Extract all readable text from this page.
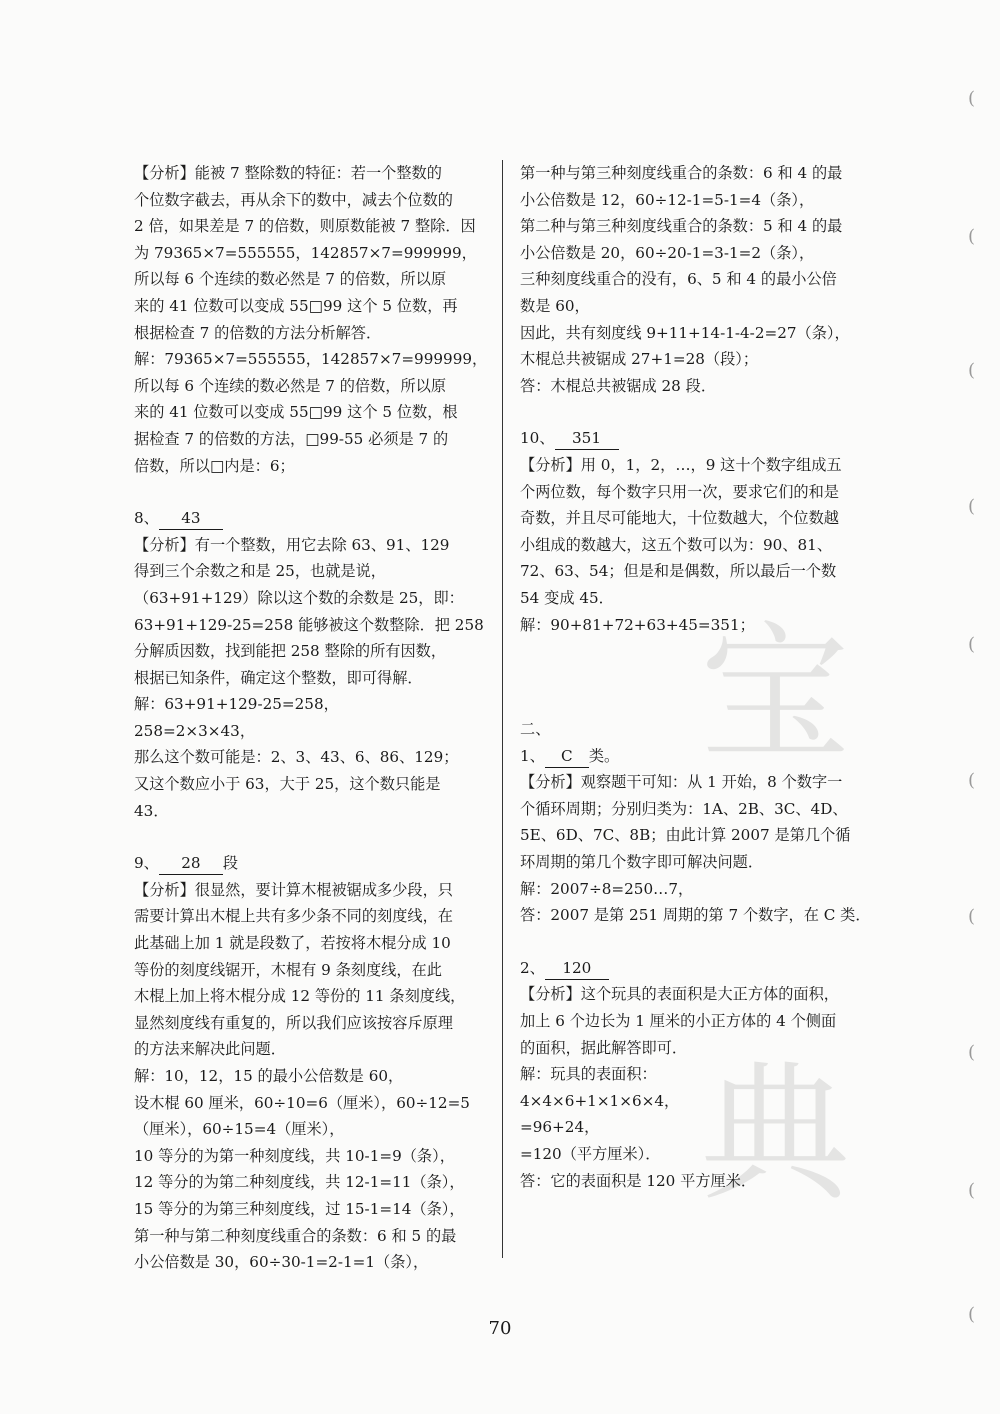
宝
典
【分析】能被 7 整除数的特征：若一个整数的
个位数字截去，再从余下的数中，减去个位数的
2 倍，如果差是 7 的倍数，则原数能被 7 整除．因
为 79365×7=555555，142857×7=999999，
所以每 6 个连续的数必然是 7 的倍数，所以原
来的 41 位数可以变成 55□99 这个 5 位数，再
根据检查 7 的倍数的方法分析解答．
解：79365×7=555555，142857×7=999999，
所以每 6 个连续的数必然是 7 的倍数，所以原
来的 41 位数可以变成 55□99 这个 5 位数，根
据检查 7 的倍数的方法，□99-55 必须是 7 的
倍数，所以□内是：6；
8、 43
【分析】有一个整数，用它去除 63、91、129
得到三个余数之和是 25，也就是说，
（63+91+129）除以这个数的余数是 25，即：
63+91+129-25=258 能够被这个数整除．把 258
分解质因数，找到能把 258 整除的所有因数，
根据已知条件，确定这个整数，即可得解．
解：63+91+129-25=258，
258=2×3×43，
那么这个数可能是：2、3、43、6、86、129；
又这个数应小于 63，大于 25，这个数只能是
43．
9、 28 段
【分析】很显然，要计算木棍被锯成多少段，只
需要计算出木棍上共有多少条不同的刻度线，在
此基础上加 1 就是段数了，若按将木棍分成 10
等份的刻度线锯开，木棍有 9 条刻度线，在此
木棍上加上将木棍分成 12 等份的 11 条刻度线，
显然刻度线有重复的，所以我们应该按容斥原理
的方法来解决此问题．
解：10，12，15 的最小公倍数是 60，
设木棍 60 厘米，60÷10=6（厘米），60÷12=5
（厘米），60÷15=4（厘米），
10 等分的为第一种刻度线，共 10-1=9（条），
12 等分的为第二种刻度线，共 12-1=11（条），
15 等分的为第三种刻度线，过 15-1=14（条），
第一种与第二种刻度线重合的条数：6 和 5 的最
小公倍数是 30，60÷30-1=2-1=1（条），
第一种与第三种刻度线重合的条数：6 和 4 的最
小公倍数是 12，60÷12-1=5-1=4（条），
第二种与第三种刻度线重合的条数：5 和 4 的最
小公倍数是 20，60÷20-1=3-1=2（条），
三种刻度线重合的没有，6、5 和 4 的最小公倍
数是 60，
因此，共有刻度线 9+11+14-1-4-2=27（条），
木棍总共被锯成 27+1=28（段）；
答：木棍总共被锯成 28 段．
10、 351
【分析】用 0，1，2，…，9 这十个数字组成五
个两位数，每个数字只用一次，要求它们的和是
奇数，并且尽可能地大，十位数越大，个位数越
小组成的数越大，这五个数可以为：90、81、
72、63、54；但是和是偶数，所以最后一个数
54 变成 45．
解：90+81+72+63+45=351；
二、
1、 C 类。
【分析】观察题干可知：从 1 开始，8 个数字一
个循环周期；分别归类为：1A、2B、3C、4D、
5E、6D、7C、8B；由此计算 2007 是第几个循
环周期的第几个数字即可解决问题．
解：2007÷8=250…7，
答：2007 是第 251 周期的第 7 个数字，在 C 类．
2、 120
【分析】这个玩具的表面积是大正方体的面积，
加上 6 个边长为 1 厘米的小正方体的 4 个侧面
的面积，据此解答即可．
解：玩具的表面积：
4×4×6+1×1×6×4，
=96+24，
=120（平方厘米）．
答：它的表面积是 120 平方厘米．
70
(
(
(
(
(
(
(
(
(
(
